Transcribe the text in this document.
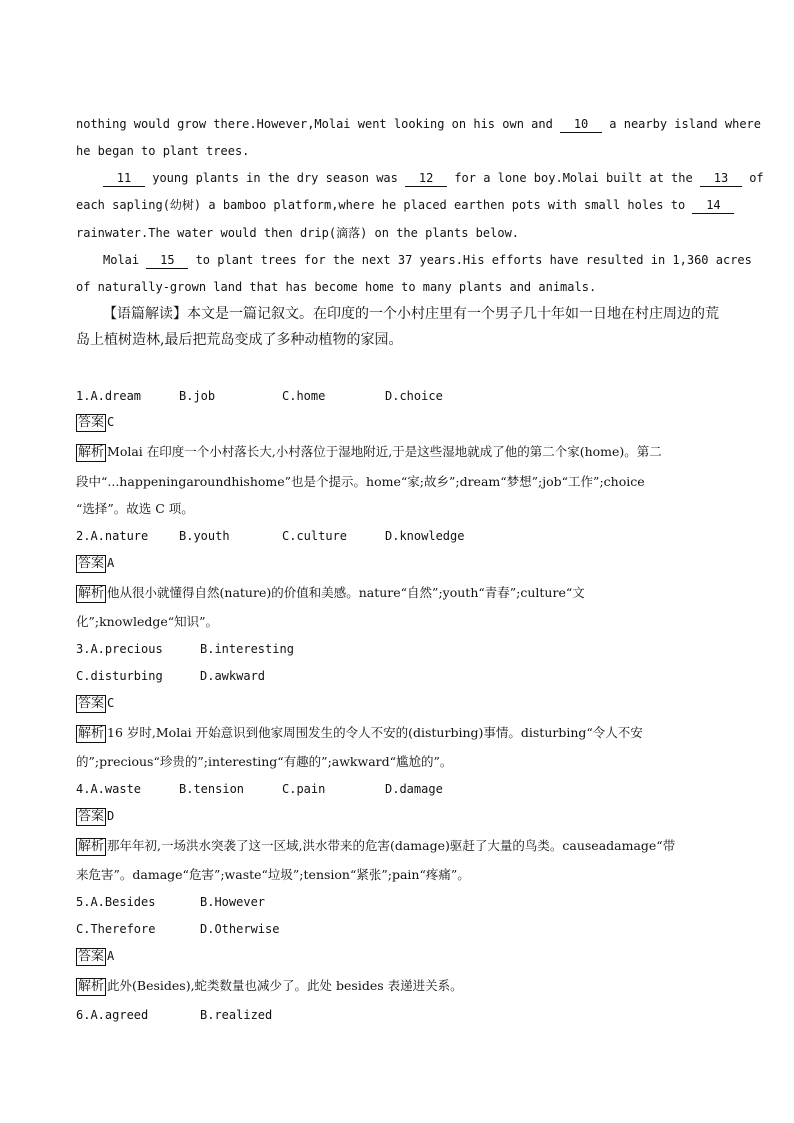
nothing would grow there.However,Molai went looking on his own and 10 a nearby island where
he began to plant trees.
11 young plants in the dry season was 12 for a lone boy.Molai built at the 13 of
each sapling(幼树) a bamboo platform,where he placed earthen pots with small holes to 14
rainwater.The water would then drip(滴落) on the plants below.
Molai 15 to plant trees for the next 37 years.His efforts have resulted in 1,360 acres
of naturally-grown land that has become home to many plants and animals.
【语篇解读】本文是一篇记叙文。在印度的一个小村庄里有一个男子几十年如一日地在村庄周边的荒
岛上植树造林,最后把荒岛变成了多种动植物的家园。
1.A.dream	B.job	C.home	D.choice
答案 C
解析 Molai 在印度一个小村落长大,小村落位于湿地附近,于是这些湿地就成了他的第二个家(home)。第二
段中“...happeningaroundhishome”也是个提示。home“家;故乡”;dream“梦想”;job“工作”;choice
“选择”。故选 C 项。
2.A.nature	B.youth	C.culture	D.knowledge
答案 A
解析 他从很小就懂得自然(nature)的价值和美感。nature“自然”;youth“青春”;culture“文
化”;knowledge“知识”。
3.A.precious	B.interesting
C.disturbing	D.awkward
答案 C
解析 16 岁时,Molai 开始意识到他家周围发生的令人不安的(disturbing)事情。disturbing“令人不安
的”;precious“珍贵的”;interesting“有趣的”;awkward“尴尬的”。
4.A.waste	B.tension	C.pain	D.damage
答案 D
解析 那年年初,一场洪水突袭了这一区域,洪水带来的危害(damage)驱赶了大量的鸟类。causeadamage“带
来危害”。damage“危害”;waste“垃圾”;tension“紧张”;pain“疼痛”。
5.A.Besides	B.However
C.Therefore	D.Otherwise
答案 A
解析 此外(Besides),蛇类数量也减少了。此处 besides 表递进关系。
6.A.agreed	B.realized
